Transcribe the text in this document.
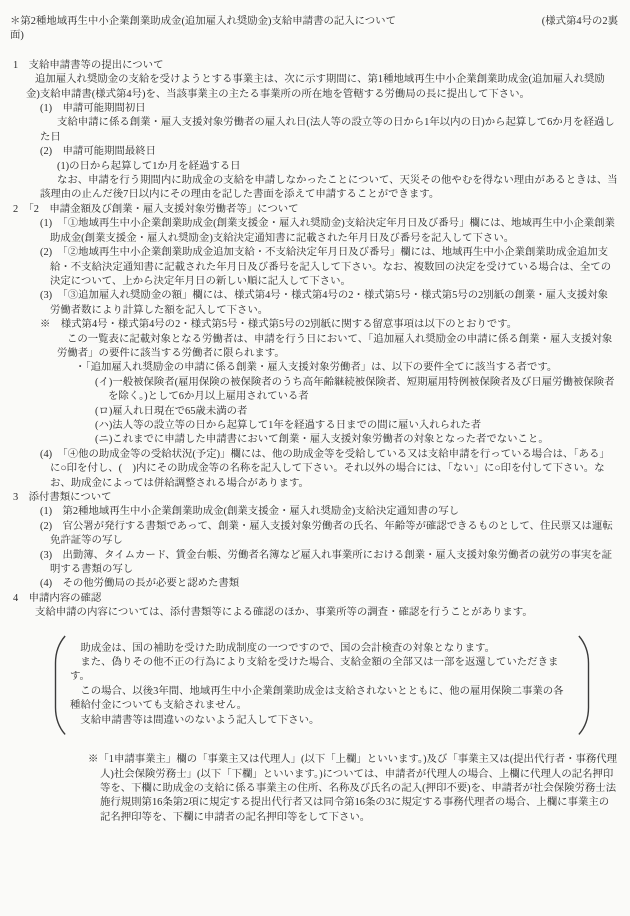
＊第2種地域再生中小企業創業助成金(追加雇入れ奨励金)支給申請書の記入について	(様式第4号の2裏
面)

1　支給申請書等の提出について

追加雇入れ奨励金の支給を受けようとする事業主は、次に示す期間に、第1種地域再生中小企業創業助成金(追加雇入れ奨励金)支給申請書(様式第4号)を、当該事業主の主たる事業所の所在地を管轄する労働局の長に提出して下さい。

(1)　申請可能期間初日

支給申請に係る創業・雇入支援対象労働者の雇入れ日(法人等の設立等の日から1年以内の日)から起算して6か月を経過した日

(2)　申請可能期間最終日

(1)の日から起算して1か月を経過する日

なお、申請を行う期間内に助成金の支給を申請しなかったことについて、天災その他やむを得ない理由があるときは、当該理由の止んだ後7日以内にその理由を記した書面を添えて申請することができます。

2　「2　申請金額及び創業・雇入支援対象労働者等」について

(1)　「①地域再生中小企業創業助成金(創業支援金・雇入れ奨励金)支給決定年月日及び番号」欄には、地域再生中小企業創業助成金(創業支援金・雇入れ奨励金)支給決定通知書に記載された年月日及び番号を記入して下さい。

(2)　「②地域再生中小企業創業助成金追加支給・不支給決定年月日及び番号」欄には、地域再生中小企業創業助成金追加支給・不支給決定通知書に記載された年月日及び番号を記入して下さい。なお、複数回の決定を受けている場合は、全ての決定について、上から決定年月日の新しい順に記入して下さい。

(3)　「③追加雇入れ奨励金の額」欄には、様式第4号・様式第4号の2・様式第5号・様式第5号の2別紙の創業・雇入支援対象労働者数により計算した額を記入して下さい。

※　様式第4号・様式第4号の2・様式第5号・様式第5号の2別紙に関する留意事項は以下のとおりです。

この一覧表に記載対象となる労働者は、申請を行う日において、「追加雇入れ奨励金の申請に係る創業・雇入支援対象労働者」の要件に該当する労働者に限られます。

・「追加雇入れ奨励金の申請に係る創業・雇入支援対象労働者」は、以下の要件全てに該当する者です。

(イ)一般被保険者(雇用保険の被保険者のうち高年齢継続被保険者、短期雇用特例被保険者及び日雇労働被保険者を除く。)として6か月以上雇用されている者

(ロ)雇入れ日現在で65歳未満の者

(ハ)法人等の設立等の日から起算して1年を経過する日までの間に雇い入れられた者

(ニ)これまでに申請した申請書において創業・雇入支援対象労働者の対象となった者でないこと。

(4)　「④他の助成金等の受給状況(予定)」欄には、他の助成金等を受給している又は支給申請を行っている場合は、「ある」に○印を付し、(　)内にその助成金等の名称を記入して下さい。それ以外の場合には、「ない」に○印を付して下さい。なお、助成金によっては併給調整される場合があります。

3　添付書類について

(1)　第2種地域再生中小企業創業助成金(創業支援金・雇入れ奨励金)支給決定通知書の写し

(2)　官公署が発行する書類であって、創業・雇入支援対象労働者の氏名、年齢等が確認できるものとして、住民票又は運転免許証等の写し

(3)　出勤簿、タイムカード、賃金台帳、労働者名簿など雇入れ事業所における創業・雇入支援対象労働者の就労の事実を証明する書類の写し

(4)　その他労働局の長が必要と認めた書類

4　申請内容の確認

支給申請の内容については、添付書類等による確認のほか、事業所等の調査・確認を行うことがあります。

助成金は、国の補助を受けた助成制度の一つですので、国の会計検査の対象となります。

また、偽りその他不正の行為により支給を受けた場合、支給金額の全部又は一部を返還していただきます。

この場合、以後3年間、地域再生中小企業創業助成金は支給されないとともに、他の雇用保険二事業の各種給付金についても支給されません。

支給申請書等は間違いのないよう記入して下さい。

※「1申請事業主」欄の「事業主又は代理人」(以下「上欄」といいます。)及び「事業主又は(提出代行者・事務代理人)社会保険労務士」(以下「下欄」といいます。)については、申請者が代理人の場合、上欄に代理人の記名押印等を、下欄に助成金の支給に係る事業主の住所、名称及び氏名の記入(押印不要)を、申請者が社会保険労務士法施行規則第16条第2項に規定する提出代行者又は同令第16条の3に規定する事務代理者の場合、上欄に事業主の記名押印等を、下欄に申請者の記名押印等をして下さい。
